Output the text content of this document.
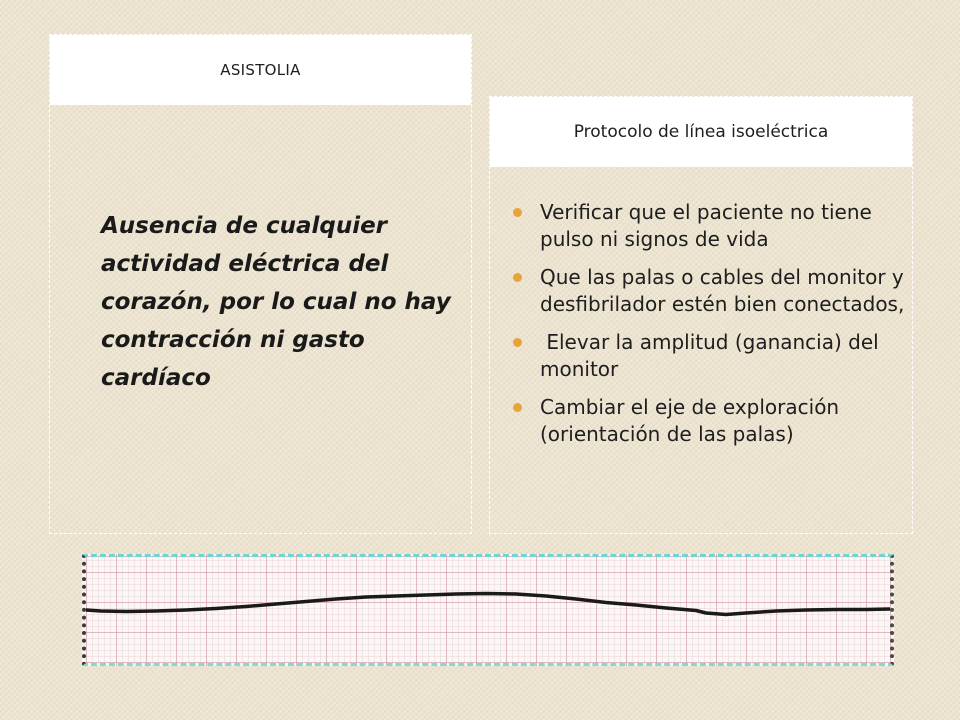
ASISTOLIA

Ausencia de cualquier actividad eléctrica del corazón, por lo cual no hay contracción ni gasto cardíaco

Protocolo de línea isoeléctrica
Verificar que el paciente no tiene pulso ni signos de vida
Que las palas o cables del monitor y desfibrilador estén bien conectados,
Elevar la amplitud (ganancia) del monitor
Cambiar el eje de exploración (orientación de las palas)
